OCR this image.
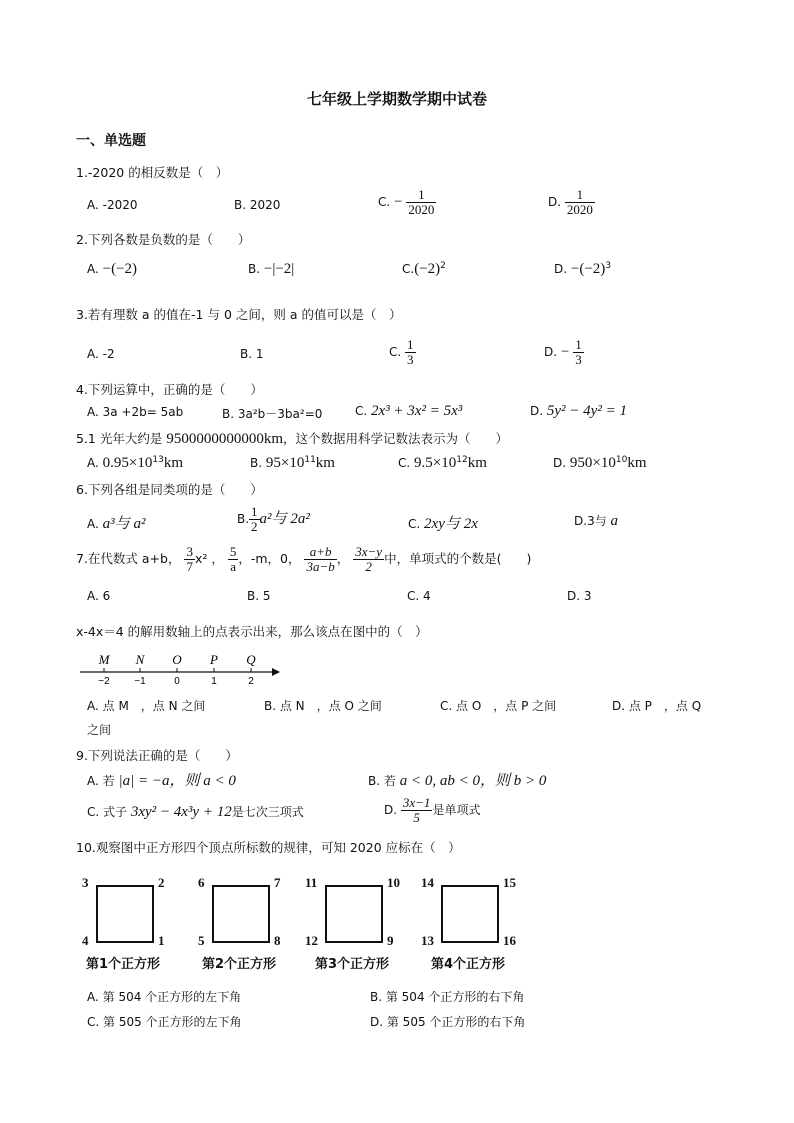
七年级上学期数学期中试卷
一、单选题
1.-2020 的相反数是（　）
A. -2020	B. 2020	C. − $\frac{1}{2020}$	D. $\frac{1}{2020}$
2.下列各数是负数的是（　　）
A. −(−2)	B. −|−2|	$C.(-2)^2$	D. $-(-2)^3$
3.若有理数 a 的值在-1 与 0 之间，则 a 的值可以是（　）
A. -2	B. 1	C. $\frac{1}{3}$	D. − $\frac{1}{3}$
4.下列运算中，正确的是（　　）
A. 3a +2b= 5ab	B. 3a²b－3ba²=0	C. 2x³ + 3x² = 5x³	D. 5y² − 4y² = 1
5.1 光年大约是 9500000000000km，这个数据用科学记数法表示为（　　）
A. $0.95\times 10^{13}km$	B. $95\times 10^{11}km$	C. $9.5\times 10^{12}km$	D. $950\times 10^{10}km$
6.下列各组是同类项的是（　　）
A. a³与 a²	B. $\frac{1}{2} a^2$与 2a²	C. 2xy与 2x	D.3与 a
7.在代数式 a+b， $\frac{3}{7} x^2$ ， $\frac{5}{a}$ ，-m，0， $\frac{a+b}{3a-b}$ ， $\frac{3x-y}{2}$ 中，单项式的个数是(　　)
A. 6	B. 5	C. 4	D. 3
x-4x＝4 的解用数轴上的点表示出来，那么该点在图中的（　）
M
−2
N
−1
O
0
P
1
Q
2
A. 点 M　，点 N 之间	B. 点 N　，点 O 之间	C. 点 O　，点 P 之间	D. 点 P　，点 Q
之间
9.下列说法正确的是（　　）
A. 若 |a| = −a，则 a < 0	B. 若 a < 0, ab < 0，则 b > 0
C. 式子 3xy² − 4x³y + 12是七次三项式	D. $\frac{3x-1}{5}$ 是单项式
10.观察图中正方形四个顶点所标数的规律，可知 2020 应标在（　）
3	2
4	1
第1个正方形
6	7
5	8
第2个正方形
11	10
12	9
第3个正方形
14	15
13	16
第4个正方形
A. 第 504 个正方形的左下角	B. 第 504 个正方形的右下角
C. 第 505 个正方形的左下角	D. 第 505 个正方形的右下角
